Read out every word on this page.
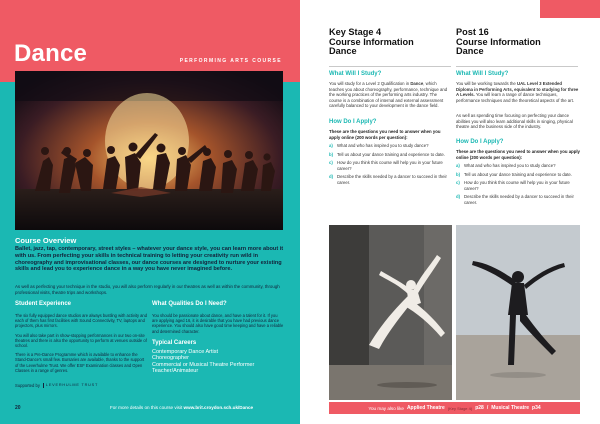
Dance	PERFORMING ARTS COURSE
Course Overview
Ballet, jazz, tap, contemporary, street styles – whatever your dance style, you can learn more about it with us. From perfecting your skills in technical training to letting your creativity run wild in choreography and improvisational classes, our dance courses are designed to nurture your existing skills and lead you to experience dance in a way you have never imagined before.
As well as perfecting your technique in the studio, you will also perform regularly in our theatres as well as within the community, through professional visits, theatre trips and workshops.
Student Experience

The six fully equipped dance studios are always bustling with activity and each of them has first facilities with Sound Connectivity, TV, laptops and projectors, plus mirrors.

You will also take part in show-stopping performances in our two on-site theatres and there is also the opportunity to perform at venues outside of school.

There is a Pre-Dance Programme which is available to enhance the Stand-Dance's small few. Bursaries are available, thanks to the support of the Leverhulme Trust. We offer ESF Examination classes and Open Classes in a range of genres.

What Qualities Do I Need?

You should be passionate about dance, and have a talent for it. If you are applying aged 16, it is desirable that you have had previous dance experience. You should also have good time keeping and have a reliable and determined character.

Typical Careers
Contemporary Dance Artist
Choreographer
Commercial or Musical Theatre Performer
Teacher/Animateur
Supported by	LEVERHULME TRUST
20	For more details on this course visit www.brit.croydon.sch.uk/Dance
Key Stage 4
Course Information
Dance
Post 16
Course Information
Dance
What Will I Study?
You will study for a Level 2 Qualification in Dance, which teaches you about choreography, performance, technique and the working practices of the performing arts industry. The course is a combination of internal and external assessment carefully balanced to your development in the dance field.
How Do I Apply?
These are the questions you need to answer when you apply online (200 words per question):
a) What and who has inspired you to study dance?
b) Tell us about your dance training and experience to date.
c) How do you think this course will help you in your future career?
d) Describe the skills needed by a dancer to succeed in their career.
What Will I Study?
You will be working towards the UAL Level 3 Extended Diploma in Performing Arts, equivalent to studying for three A Levels. You will learn a range of dance techniques, performance techniques and the theoretical aspects of the art.
As well as spending time focusing on perfecting your dance abilities you will also learn additional skills in singing, physical theatre and the business side of the industry.
How Do I Apply?
These are the questions you need to answer when you apply online (200 words per question):
a) What and who has inspired you to study dance?
b) Tell us about your dance training and experience to date.
c) How do you think this course will help you in your future career?
d) Describe the skills needed by a dancer to succeed in their career.
You may also like Applied Theatre (Key Stage 4) p28 / Musical Theatre p34
